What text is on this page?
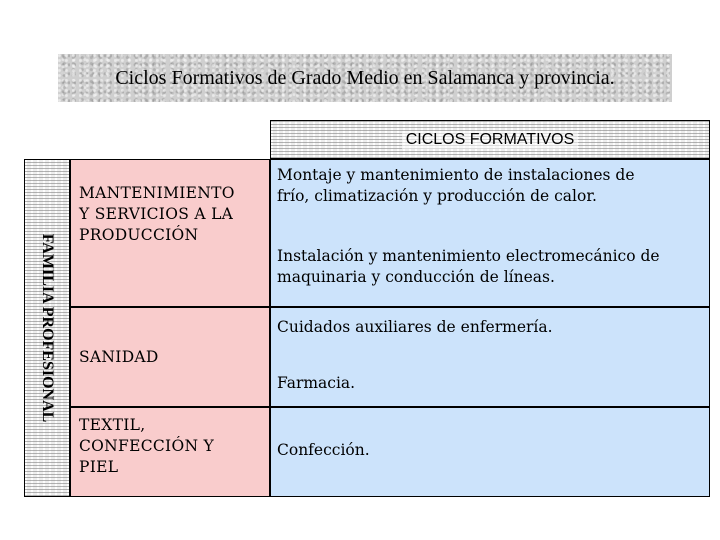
Ciclos Formativos de Grado Medio en Salamanca y provincia.
CICLOS FORMATIVOS
FAMILIA PROFESIONAL
MANTENIMIENTO
Y SERVICIOS A LA
PRODUCCIÓN
Montaje y mantenimiento de instalaciones de
frío, climatización y producción de calor.
Instalación y mantenimiento electromecánico de
maquinaria y conducción de líneas.
SANIDAD
Cuidados auxiliares de enfermería.
Farmacia.
TEXTIL,
CONFECCIÓN Y
PIEL
Confección.
